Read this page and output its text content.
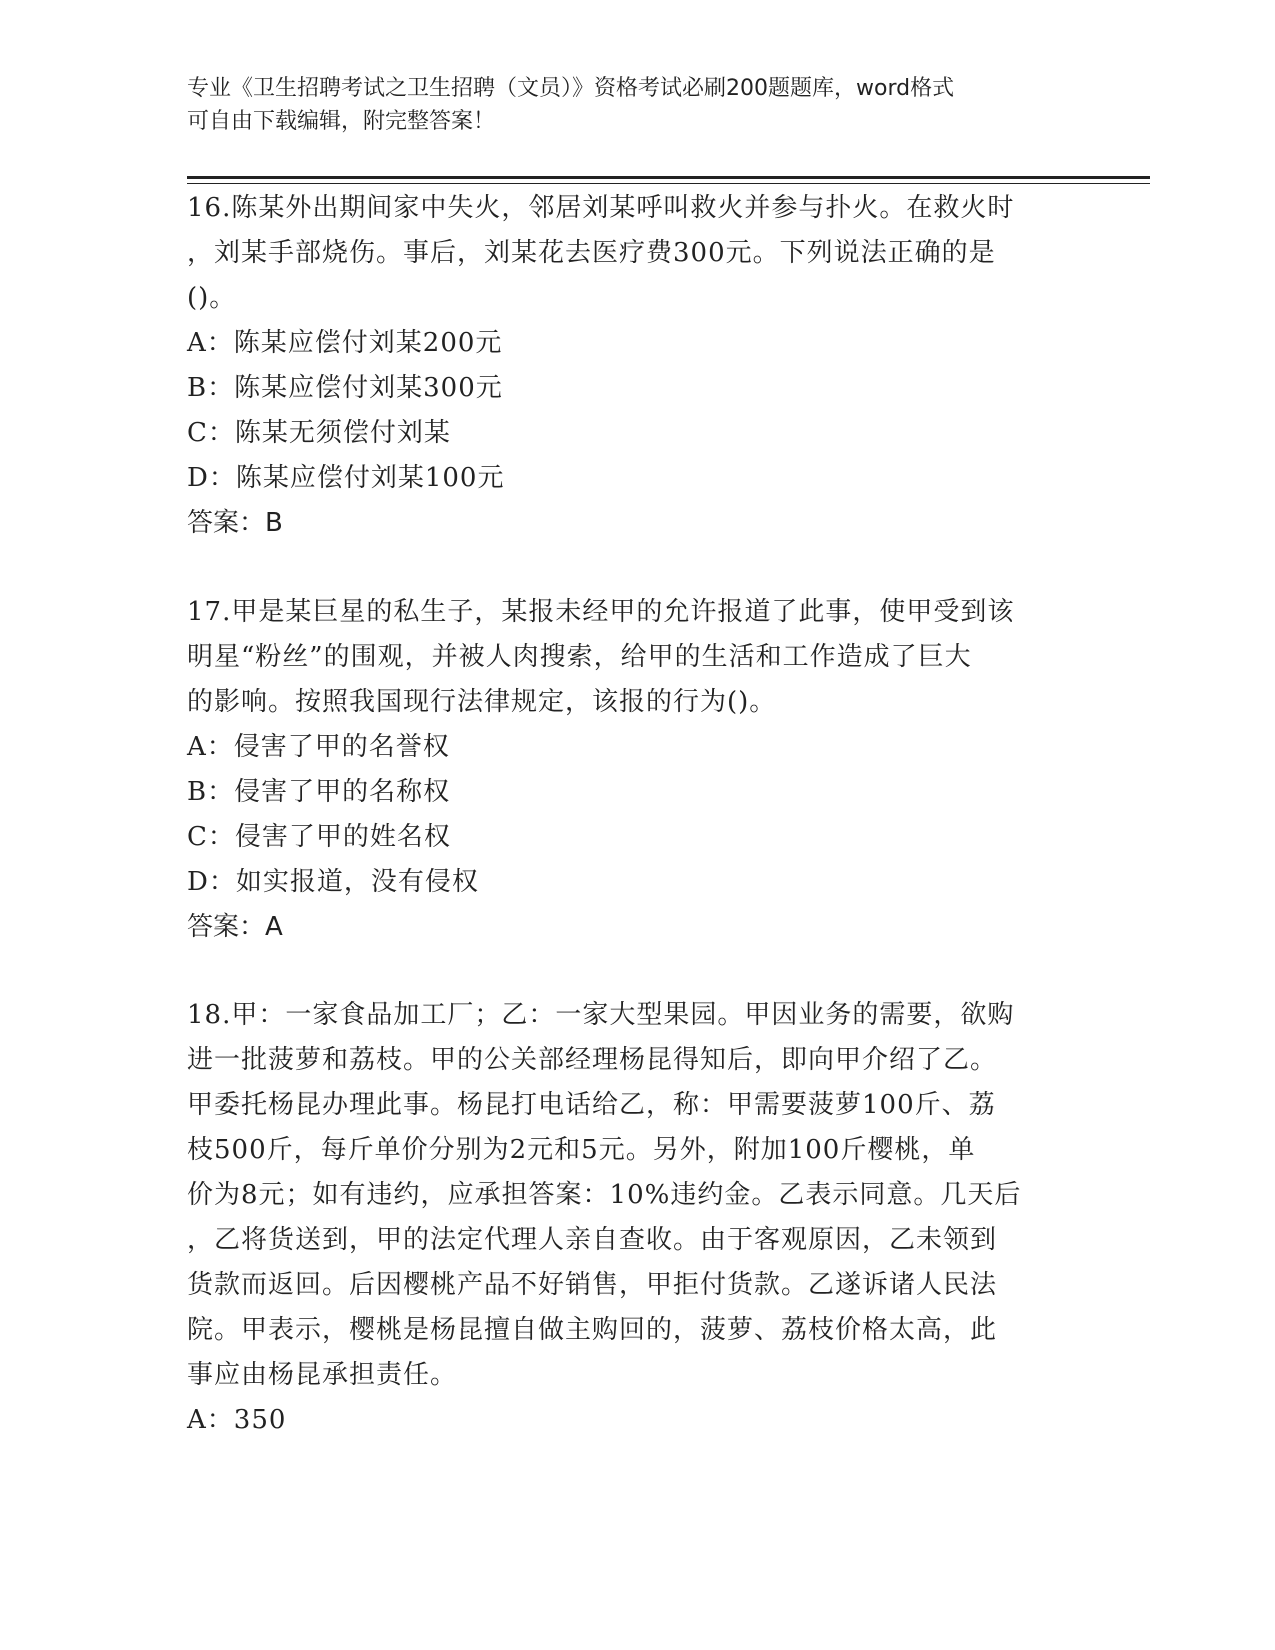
专业《卫生招聘考试之卫生招聘（文员）》资格考试必刷200题题库，word格式
可自由下载编辑，附完整答案！

16.陈某外出期间家中失火，邻居刘某呼叫救火并参与扑火。在救火时

，刘某手部烧伤。事后，刘某花去医疗费300元。下列说法正确的是

()。

A：陈某应偿付刘某200元

B：陈某应偿付刘某300元

C：陈某无须偿付刘某

D：陈某应偿付刘某100元

答案：B

17.甲是某巨星的私生子，某报未经甲的允许报道了此事，使甲受到该

明星“粉丝”的围观，并被人肉搜索，给甲的生活和工作造成了巨大

的影响。按照我国现行法律规定，该报的行为()。

A：侵害了甲的名誉权

B：侵害了甲的名称权

C：侵害了甲的姓名权

D：如实报道，没有侵权

答案：A

18.甲：一家食品加工厂；乙：一家大型果园。甲因业务的需要，欲购

进一批菠萝和荔枝。甲的公关部经理杨昆得知后，即向甲介绍了乙。

甲委托杨昆办理此事。杨昆打电话给乙，称：甲需要菠萝100斤、荔

枝500斤，每斤单价分别为2元和5元。另外，附加100斤樱桃，单

价为8元；如有违约，应承担答案：10%违约金。乙表示同意。几天后

，乙将货送到，甲的法定代理人亲自查收。由于客观原因，乙未领到

货款而返回。后因樱桃产品不好销售，甲拒付货款。乙遂诉诸人民法

院。甲表示，樱桃是杨昆擅自做主购回的，菠萝、荔枝价格太高，此

事应由杨昆承担责任。

A：350
